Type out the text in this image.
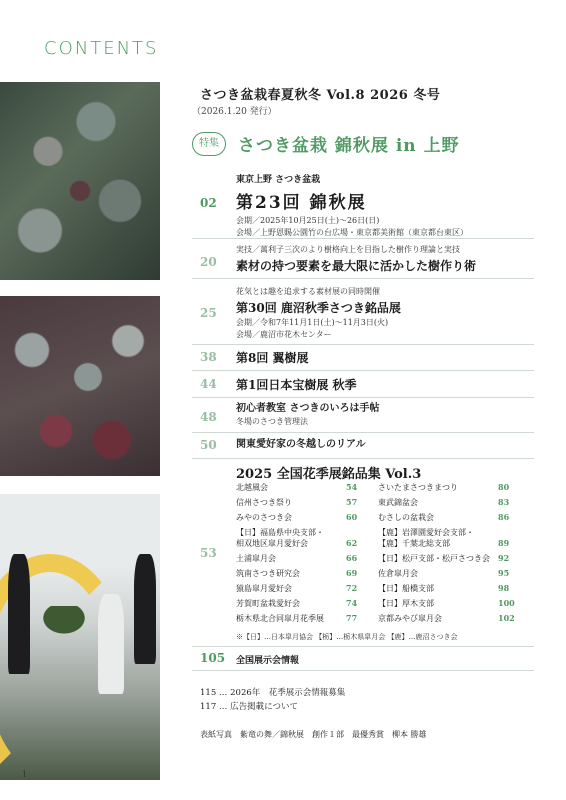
CONTENTS
さつき盆栽春夏秋冬 Vol.8 2026 冬号
（2026.1.20 発行）
特集	さつき盆栽 錦秋展 in 上野
02
東京上野 さつき盆栽
第23回 錦秋展
会期／2025年10月25日(土)〜26日(日)
会場／上野恩賜公園竹の台広場・東京都美術館（東京都台東区）
20
実技／萬利子三次のより樹格向上を目指した樹作り理論と実技
素材の持つ要素を最大限に活かした樹作り術
25
花気とは趣を追求する素材展の同時開催
第30回 鹿沼秋季さつき銘品展
会期／令和7年11月1日(土)〜11月3日(火)
会場／鹿沼市花木センター
38	第8回 翼樹展
44	第1回日本宝樹展 秋季
48
初心者教室 さつきのいろは手帖
冬場のさつき管理法
50	関東愛好家の冬越しのリアル
53
2025 全国花季展銘品集 Vol.3
北越風会	54
信州さつき祭り	57
みやのさつき会	60
【日】福島県中央支部・
相双地区皐月愛好会	62
土浦皐月会	66
筑南さつき研究会	69
猿島皐月愛好会	72
芳賀町盆栽愛好会	74
栃木県北合同皐月花季展	77
さいたまさつきまつり	80
東武錦盆会	83
むさしの盆栽会	86
【鹿】岩澤園愛好会支部・
【鹿】千葉北総支部	89
【日】松戸支部・松戸さつき会 92
佐倉皐月会	95
【日】船橋支部	98
【日】厚木支部	100
京都みやび皐月会	102
※【日】…日本皐月協会 【栃】…栃木県皐月会 【鹿】…鹿沼さつき会
105	全国展示会情報
115 … 2026年　花季展示会情報募集
117 … 広告掲載について
表紙写真　紫竜の舞／錦秋展　創作１部　最優秀賞　柳本 勝雄
1
